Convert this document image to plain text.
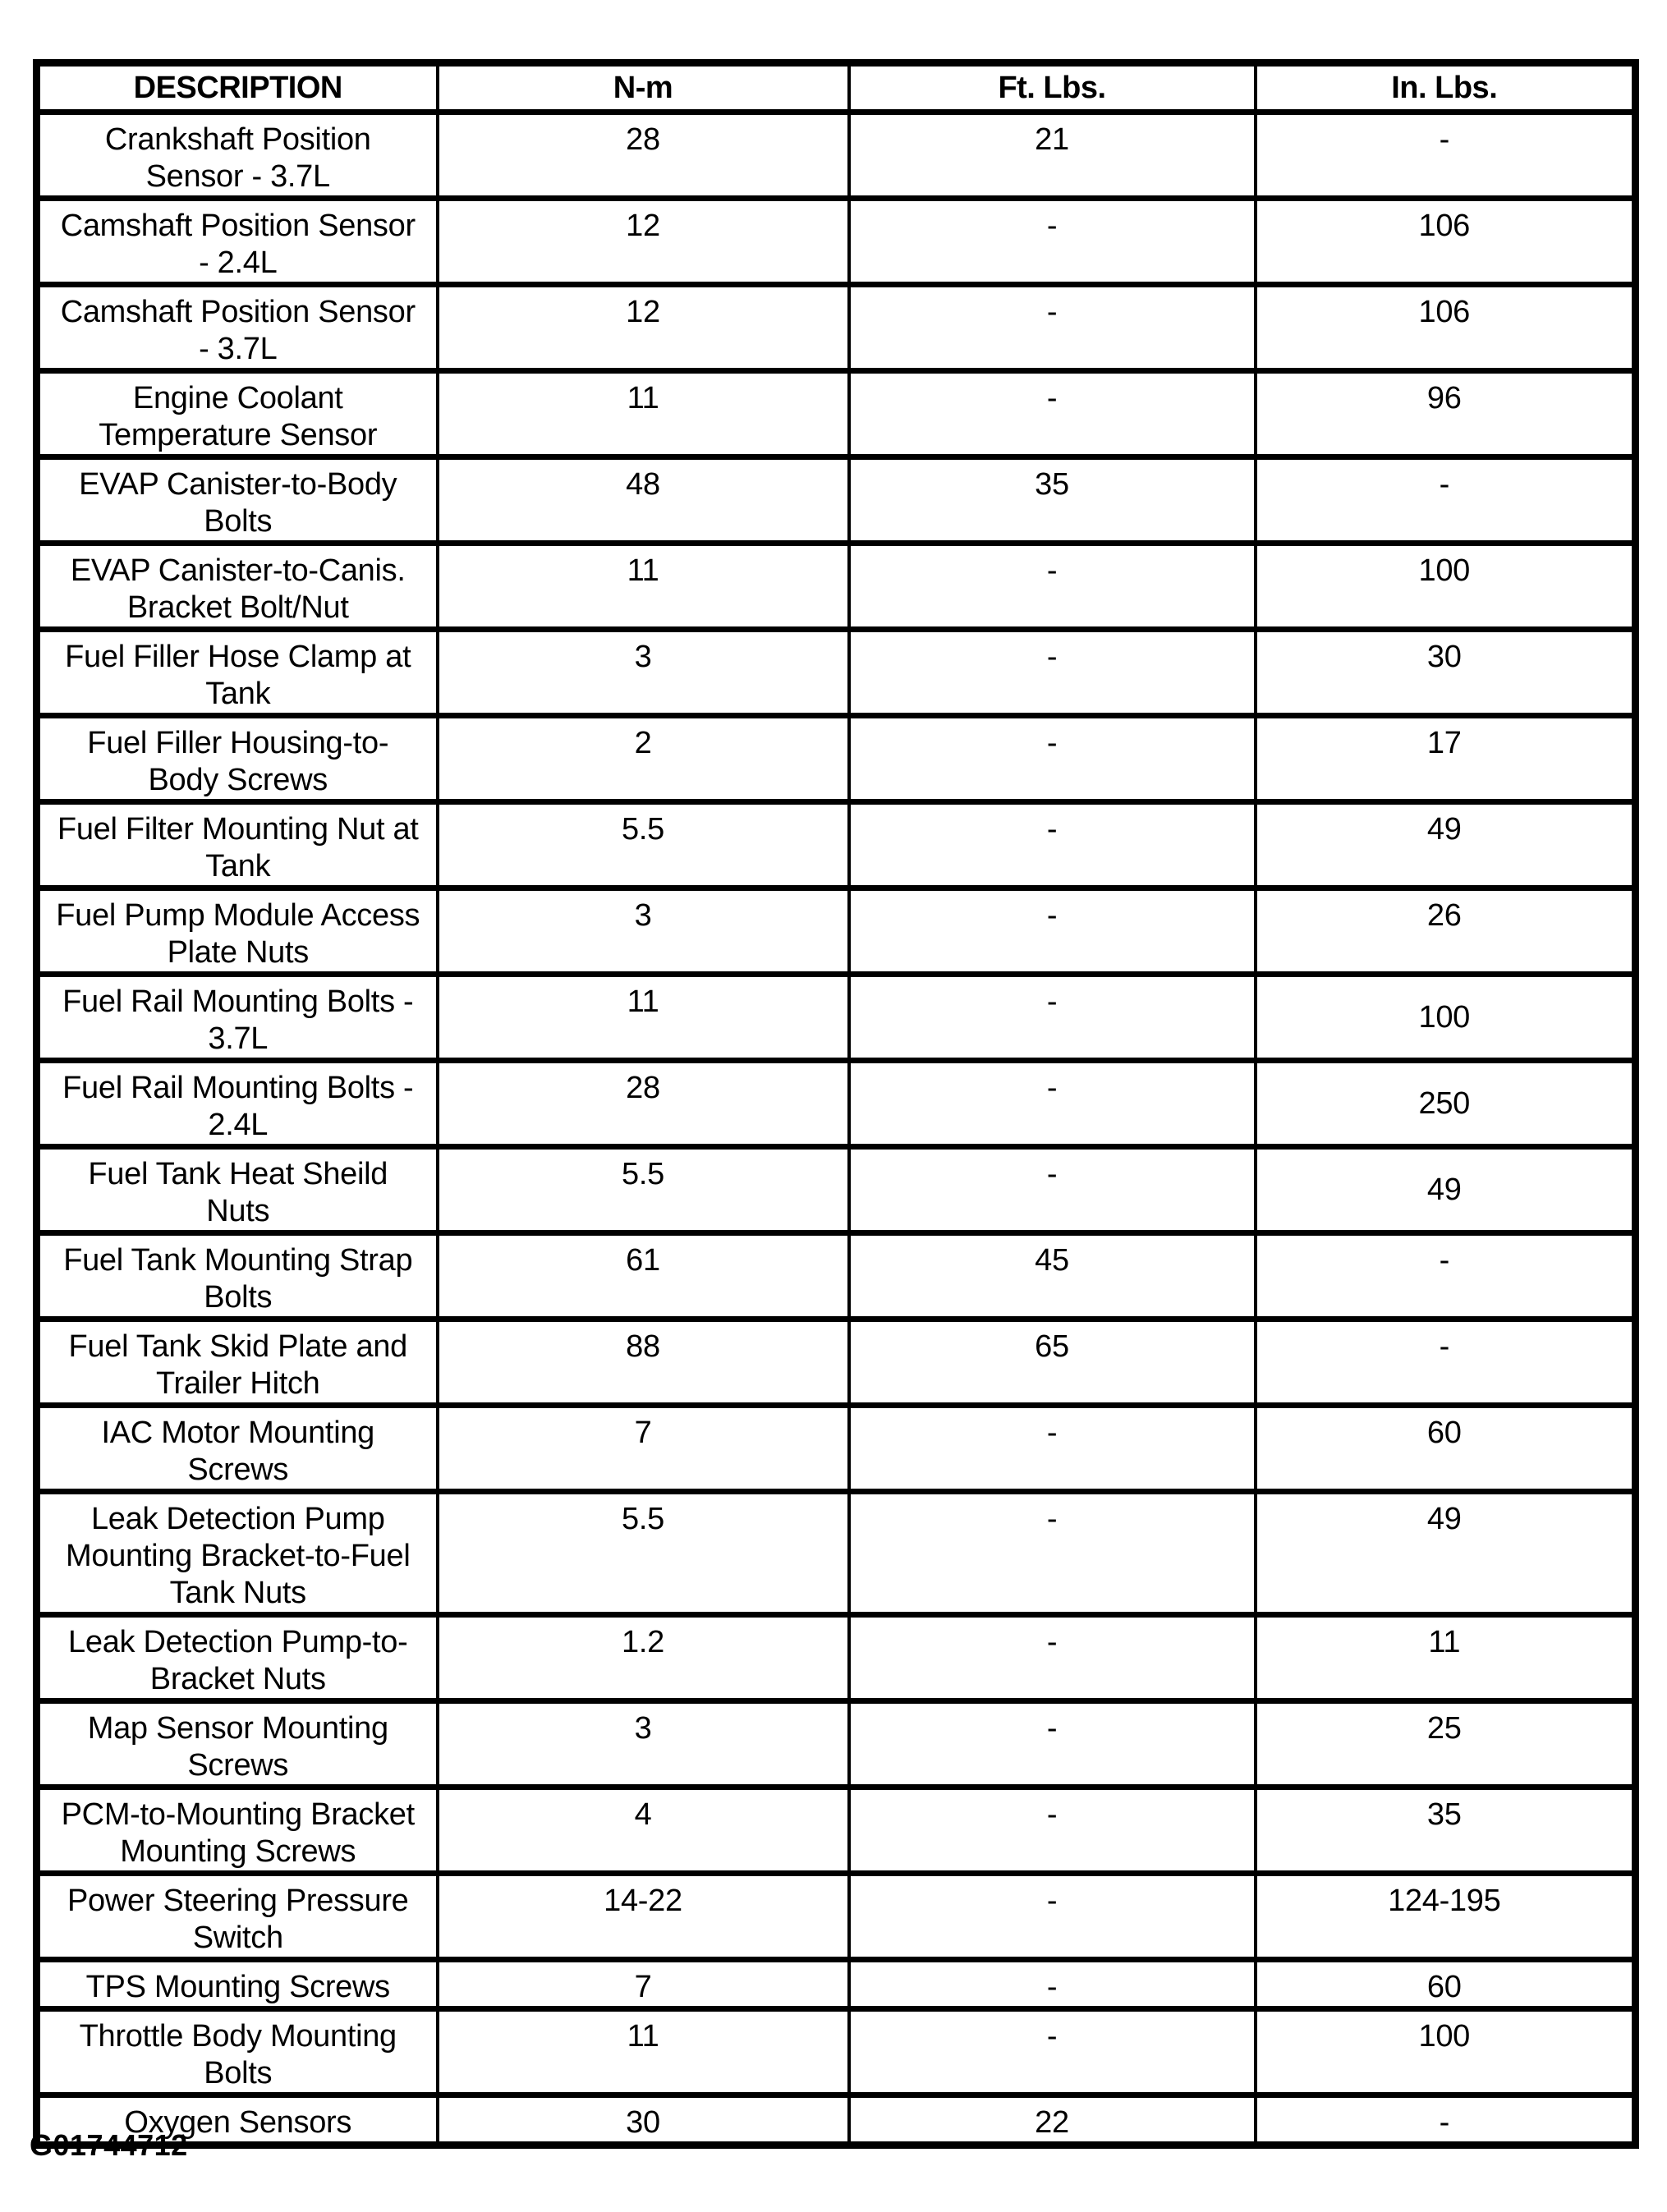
DESCRIPTION	N-m	Ft. Lbs.	In. Lbs.
Crankshaft Position
Sensor - 3.7L	28	21	-
Camshaft Position Sensor
- 2.4L	12	-	106
Camshaft Position Sensor
- 3.7L	12	-	106
Engine Coolant
Temperature Sensor	11	-	96
EVAP Canister-to-Body
Bolts	48	35	-
EVAP Canister-to-Canis.
Bracket Bolt/Nut	11	-	100
Fuel Filler Hose Clamp at
Tank	3	-	30
Fuel Filler Housing-to-
Body Screws	2	-	17
Fuel Filter Mounting Nut at
Tank	5.5	-	49
Fuel Pump Module Access
Plate Nuts	3	-	26
Fuel Rail Mounting Bolts -
3.7L	11	-	100
Fuel Rail Mounting Bolts -
2.4L	28	-	250
Fuel Tank Heat Sheild
Nuts	5.5	-	49
Fuel Tank Mounting Strap
Bolts	61	45	-
Fuel Tank Skid Plate and
Trailer Hitch	88	65	-
IAC Motor Mounting
Screws	7	-	60
Leak Detection Pump
Mounting Bracket-to-Fuel
Tank Nuts	5.5	-	49
Leak Detection Pump-to-
Bracket Nuts	1.2	-	11
Map Sensor Mounting
Screws	3	-	25
PCM-to-Mounting Bracket
Mounting Screws	4	-	35
Power Steering Pressure
Switch	14-22	-	124-195
TPS Mounting Screws	7	-	60
Throttle Body Mounting
Bolts	11	-	100
Oxygen Sensors	30	22	-
G01744712
